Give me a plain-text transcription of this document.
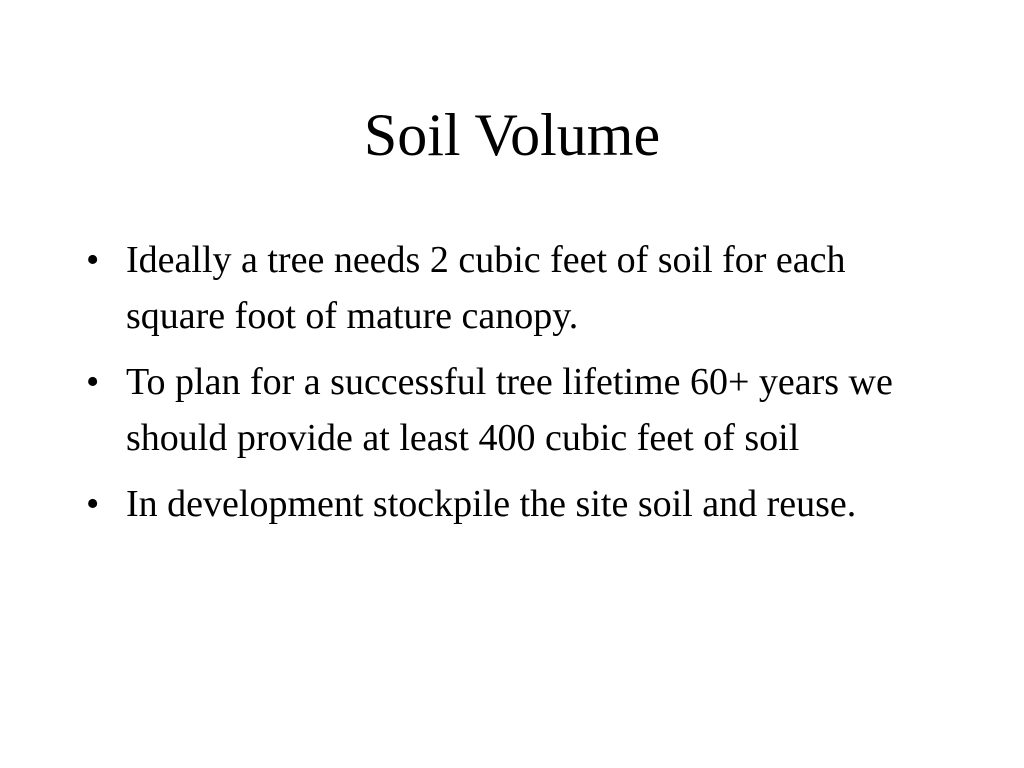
Soil Volume
• Ideally a tree needs 2 cubic feet of soil for each square foot of mature canopy.
• To plan for a successful tree lifetime 60+ years we should provide at least 400 cubic feet of soil
• In development stockpile the site soil and reuse.
